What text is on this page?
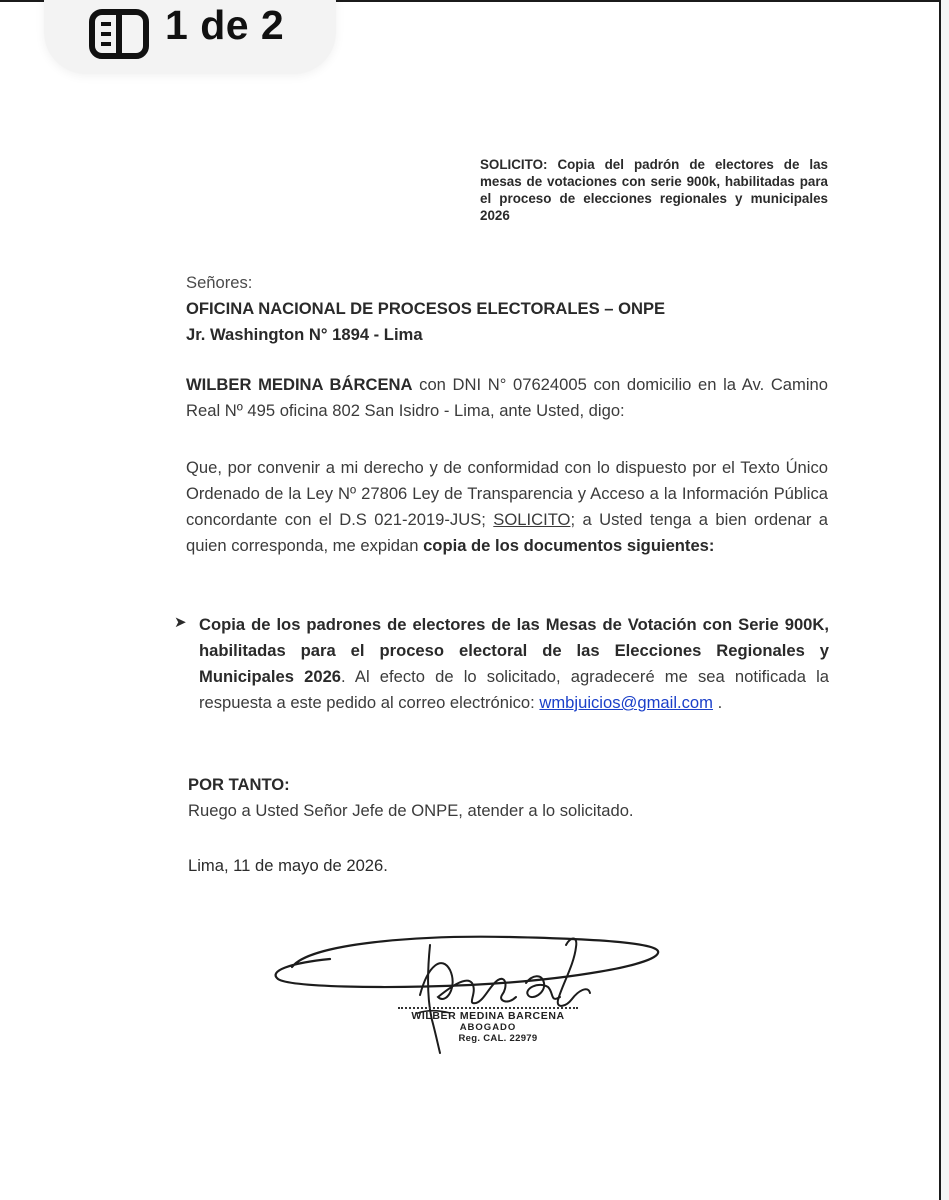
1 de 2
SOLICITO: Copia del padrón de electores de las mesas de votaciones con serie 900k, habilitadas para el proceso de elecciones regionales y municipales 2026
Señores:
OFICINA NACIONAL DE PROCESOS ELECTORALES – ONPE
Jr. Washington N° 1894 - Lima
WILBER MEDINA BÁRCENA con DNI N° 07624005 con domicilio en la Av. Camino Real Nº 495 oficina 802 San Isidro - Lima, ante Usted, digo:
Que, por convenir a mi derecho y de conformidad con lo dispuesto por el Texto Único Ordenado de la Ley Nº 27806 Ley de Transparencia y Acceso a la Información Pública concordante con el D.S 021-2019-JUS; SOLICITO; a Usted tenga a bien ordenar a quien corresponda, me expidan copia de los documentos siguientes:
➤ Copia de los padrones de electores de las Mesas de Votación con Serie 900K, habilitadas para el proceso electoral de las Elecciones Regionales y Municipales 2026. Al efecto de lo solicitado, agradeceré me sea notificada la respuesta a este pedido al correo electrónico: wmbjuicios@gmail.com .
POR TANTO:
Ruego a Usted Señor Jefe de ONPE, atender a lo solicitado.
Lima, 11 de mayo de 2026.
WILBER MEDINA BARCENA
ABOGADO
Reg. CAL. 22979
